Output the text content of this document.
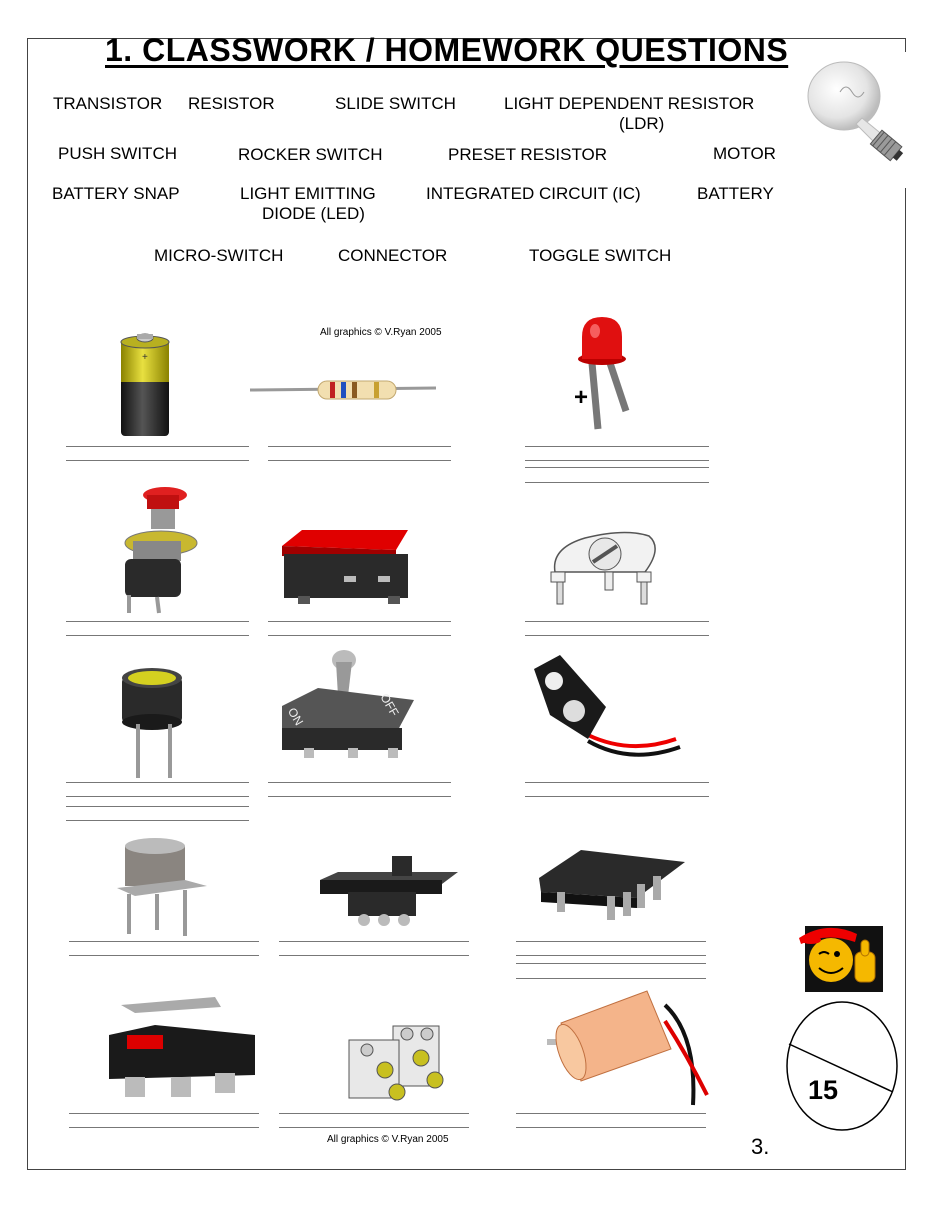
1. CLASSWORK / HOMEWORK QUESTIONS
TRANSISTOR RESISTOR	SLIDE SWITCH	LIGHT DEPENDENT RESISTOR
(LDR)
PUSH SWITCH	ROCKER SWITCH	PRESET RESISTOR	MOTOR
BATTERY SNAP	LIGHT EMITTING
DIODE (LED)
INTEGRATED CIRCUIT (IC)	BATTERY
MICRO-SWITCH	CONNECTOR	TOGGLE SWITCH
All graphics © V.Ryan 2005
All graphics © V.Ryan 2005
+
+
ON	OFF
15
3.
